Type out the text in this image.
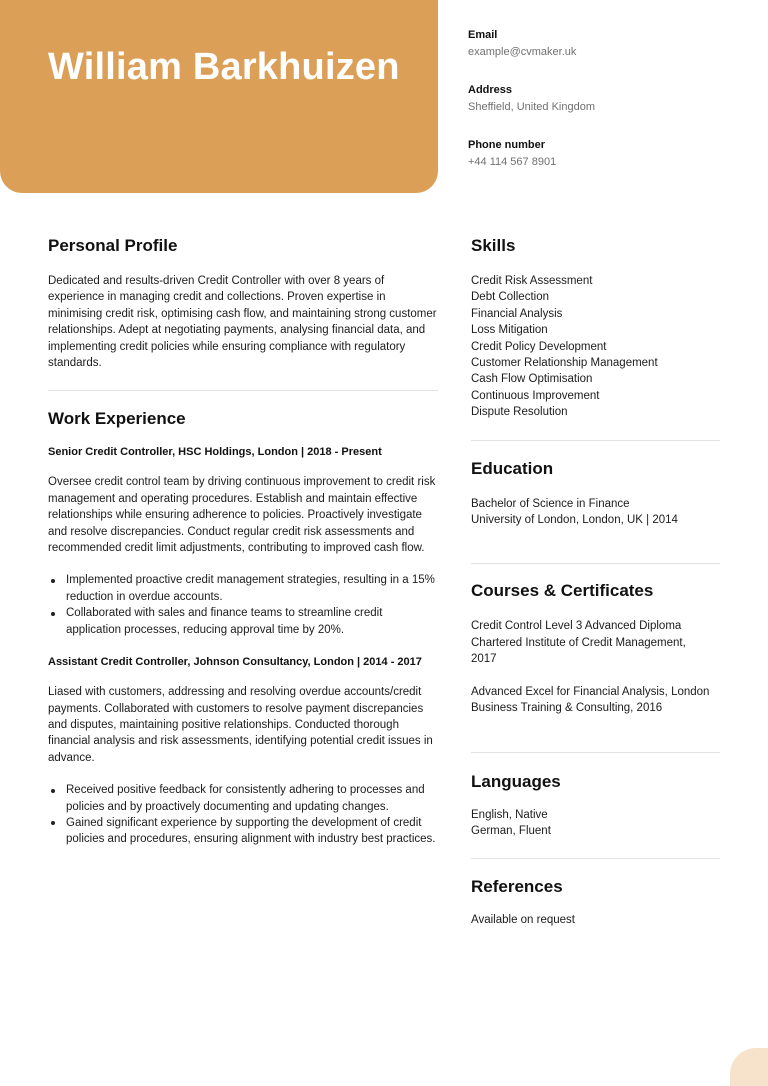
William Barkhuizen
Email
example@cvmaker.uk
Address
Sheffield, United Kingdom
Phone number
+44 114 567 8901
Personal Profile

Dedicated and results-driven Credit Controller with over 8 years of experience in managing credit and collections. Proven expertise in minimising credit risk, optimising cash flow, and maintaining strong customer relationships. Adept at negotiating payments, analysing financial data, and implementing credit policies while ensuring compliance with regulatory standards.

Work Experience
Senior Credit Controller, HSC Holdings, London | 2018 - Present

Oversee credit control team by driving continuous improvement to credit risk management and operating procedures. Establish and maintain effective relationships while ensuring adherence to policies. Proactively investigate and resolve discrepancies. Conduct regular credit risk assessments and recommended credit limit adjustments, contributing to improved cash flow.

Implemented proactive credit management strategies, resulting in a 15% reduction in overdue accounts.
Collaborated with sales and finance teams to streamline credit application processes, reducing approval time by 20%.
Assistant Credit Controller, Johnson Consultancy, London | 2014 - 2017

Liased with customers, addressing and resolving overdue accounts/credit payments. Collaborated with customers to resolve payment discrepancies and disputes, maintaining positive relationships. Conducted thorough financial analysis and risk assessments, identifying potential credit issues in advance.

Received positive feedback for consistently adhering to processes and policies and by proactively documenting and updating changes.
Gained significant experience by supporting the development of credit policies and procedures, ensuring alignment with industry best practices.
Skills
Credit Risk Assessment
Debt Collection
Financial Analysis
Loss Mitigation
Credit Policy Development
Customer Relationship Management
Cash Flow Optimisation
Continuous Improvement
Dispute Resolution
Education
Bachelor of Science in Finance
University of London, London, UK | 2014
Courses & Certificates

Credit Control Level 3 Advanced Diploma Chartered Institute of Credit Management, 2017

Advanced Excel for Financial Analysis, London Business Training & Consulting, 2016

Languages
English, Native
German, Fluent
References
Available on request
